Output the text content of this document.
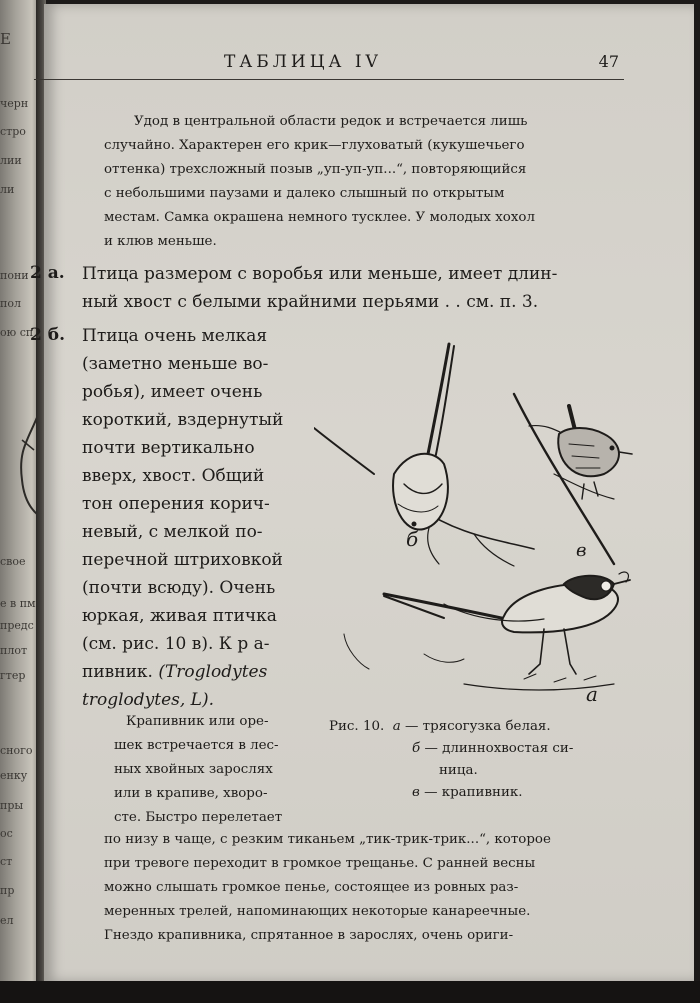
Е
черн
стро
лии
ли
пони
пол
ою сп
свое
е в пм
предс
плот
гтер
сного
енку
пры
ос
ст
пр
ел
ТАБЛИЦА IV	47
Удод в центральной области редок и встречается лишь
случайно. Характерен его крик—глуховатый (кукушечьего
оттенка) трехсложный позыв „уп-уп-уп...“, повторяющийся
с небольшими паузами и далеко слышный по открытым
местам. Самка окрашена немного тусклее. У молодых хохол
и клюв меньше.
2 а. Птица размером с воробья или меньше, имеет длин-
ный хвост с белыми крайними перьями . . см. п. 3.
2 б. Птица очень мелкая
(заметно меньше во-
робья), имеет очень
короткий, вздернутый
почти вертикально
вверх, хвост. Общий
тон оперения корич-
невый, с мелкой по-
перечной штриховкой
(почти всюду). Очень
юркая, живая птичка
(см. рис. 10 в). К р а-
пивник. (Troglodytes
troglodytes, L).
б	в
а
Рис. 10. а — трясогузка белая.
б — длиннохвостая си-
ница.
в — крапивник.
Крапивник или оре-
шек встречается в лес-
ных хвойных зарослях
или в крапиве, хворо-
сте. Быстро перелетает
по низу в чаще, с резким тиканьем „тик-трик-трик...“, которое
при тревоге переходит в громкое трещанье. С ранней весны
можно слышать громкое пенье, состоящее из ровных раз-
меренных трелей, напоминающих некоторые канареечные.
Гнездо крапивника, спрятанное в зарослях, очень ориги-
